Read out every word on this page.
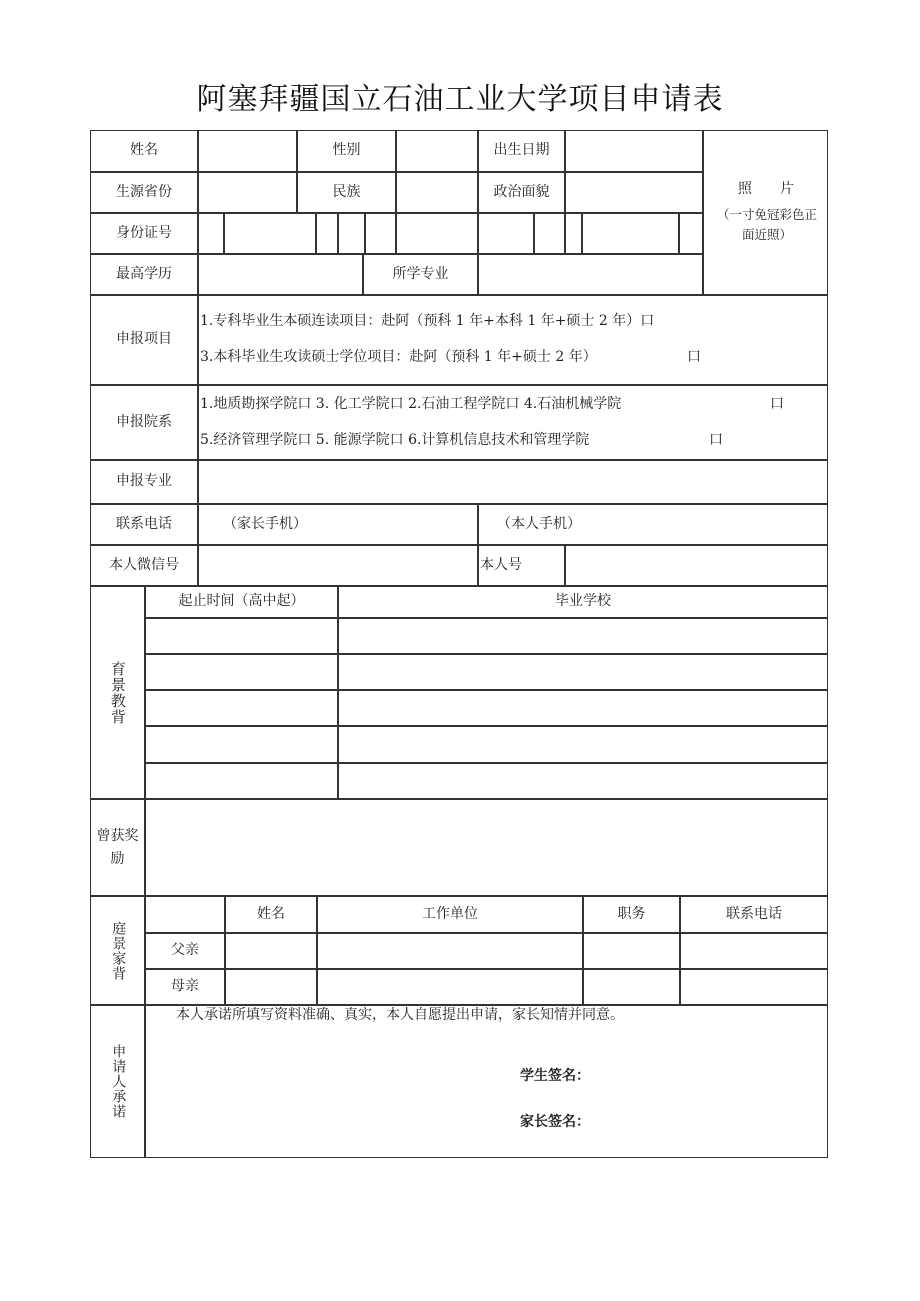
阿塞拜疆国立石油工业大学项目申请表
姓名	性别	出生日期
照　　片
（一寸免冠彩色正面近照）
生源省份	民族	政治面貌
身份证号
最高学历	所学专业
申报项目
1.专科毕业生本硕连读项目：赴阿（预科 1 年+本科 1 年+硕士 2 年）口
3.本科毕业生攻读硕士学位项目：赴阿（预科 1 年+硕士 2 年）	口
申报院系
1.地质勘探学院口 3. 化工学院口 2.石油工程学院口 4.石油机械学院	口
5.经济管理学院口 5. 能源学院口 6.计算机信息技术和管理学院	口
申报专业
联系电话	（家长手机）	（本人手机）
本人微信号	本人号
育景教背
起止时间（高中起）	毕业学校
曾获奖励
庭景家背
姓名	工作单位	职务	联系电话
父亲
母亲
申请人承诺
本人承诺所填写资料准确、真实，本人自愿提出申请，家长知情并同意。
学生签名：
家长签名：
